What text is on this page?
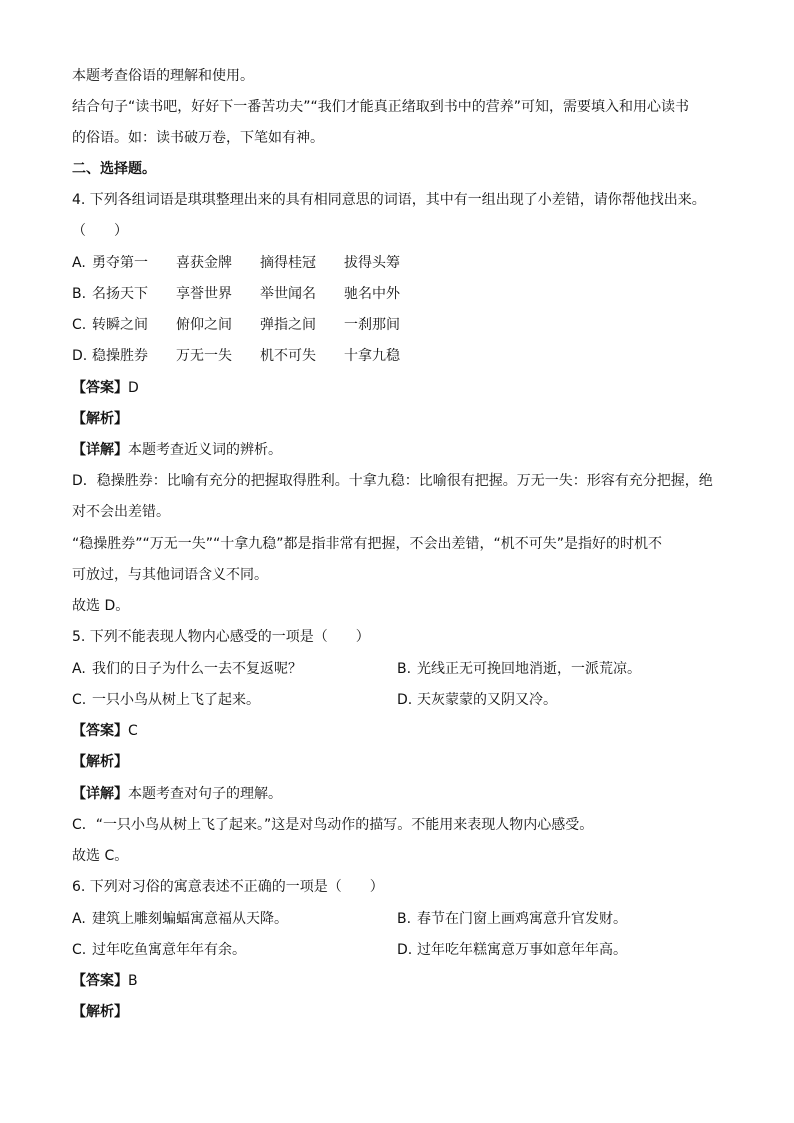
本题考查俗语的理解和使用。
结合句子“读书吧，好好下一番苦功夫”“我们才能真正绪取到书中的营养”可知，需要填入和用心读书
的俗语。如：读书破万卷，下笔如有神。
二、选择题。
4. 下列各组词语是琪琪整理出来的具有相同意思的词语，其中有一组出现了小差错，请你帮他找出来。
（　　）
A. 勇夺第一 喜获金牌 摘得桂冠 拔得头筹
B. 名扬天下 享誉世界 举世闻名 驰名中外
C. 转瞬之间 俯仰之间 弹指之间 一刹那间
D. 稳操胜券 万无一失 机不可失 十拿九稳
【答案】D
【解析】
【详解】本题考查近义词的辨析。
D．稳操胜券：比喻有充分的把握取得胜利。十拿九稳：比喻很有把握。万无一失：形容有充分把握，绝
对不会出差错。
“稳操胜券”“万无一失”“十拿九稳”都是指非常有把握，不会出差错，“机不可失”是指好的时机不
可放过，与其他词语含义不同。
故选 D。
5. 下列不能表现人物内心感受的一项是（　　）
A. 我们的日子为什么一去不复返呢？	B. 光线正无可挽回地消逝，一派荒凉。
C. 一只小鸟从树上飞了起来。	D. 天灰蒙蒙的又阴又冷。
【答案】C
【解析】
【详解】本题考查对句子的理解。
C．“一只小鸟从树上飞了起来。”这是对鸟动作的描写。不能用来表现人物内心感受。
故选 C。
6. 下列对习俗的寓意表述不正确的一项是（　　）
A. 建筑上雕刻蝙蝠寓意福从天降。	B. 春节在门窗上画鸡寓意升官发财。
C. 过年吃鱼寓意年年有余。	D. 过年吃年糕寓意万事如意年年高。
【答案】B
【解析】
